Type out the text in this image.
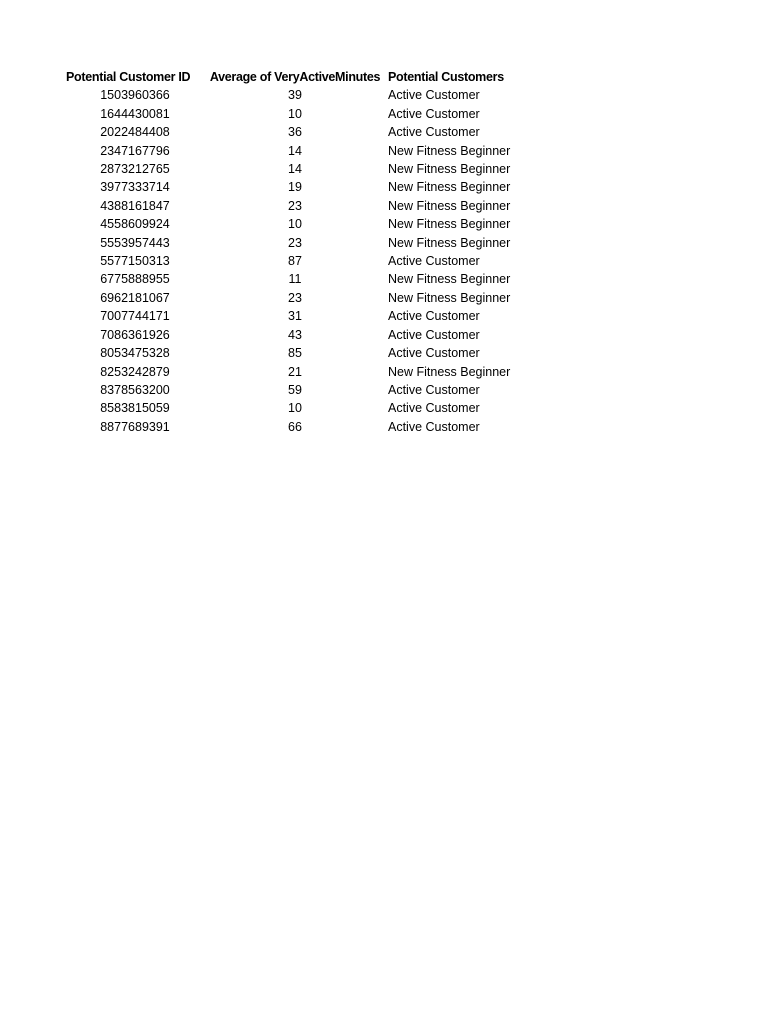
Potential Customer ID	Average of VeryActiveMinutes	Potential Customers
1503960366	39	Active Customer
1644430081	10	Active Customer
2022484408	36	Active Customer
2347167796	14	New Fitness Beginner
2873212765	14	New Fitness Beginner
3977333714	19	New Fitness Beginner
4388161847	23	New Fitness Beginner
4558609924	10	New Fitness Beginner
5553957443	23	New Fitness Beginner
5577150313	87	Active Customer
6775888955	11	New Fitness Beginner
6962181067	23	New Fitness Beginner
7007744171	31	Active Customer
7086361926	43	Active Customer
8053475328	85	Active Customer
8253242879	21	New Fitness Beginner
8378563200	59	Active Customer
8583815059	10	Active Customer
8877689391	66	Active Customer
